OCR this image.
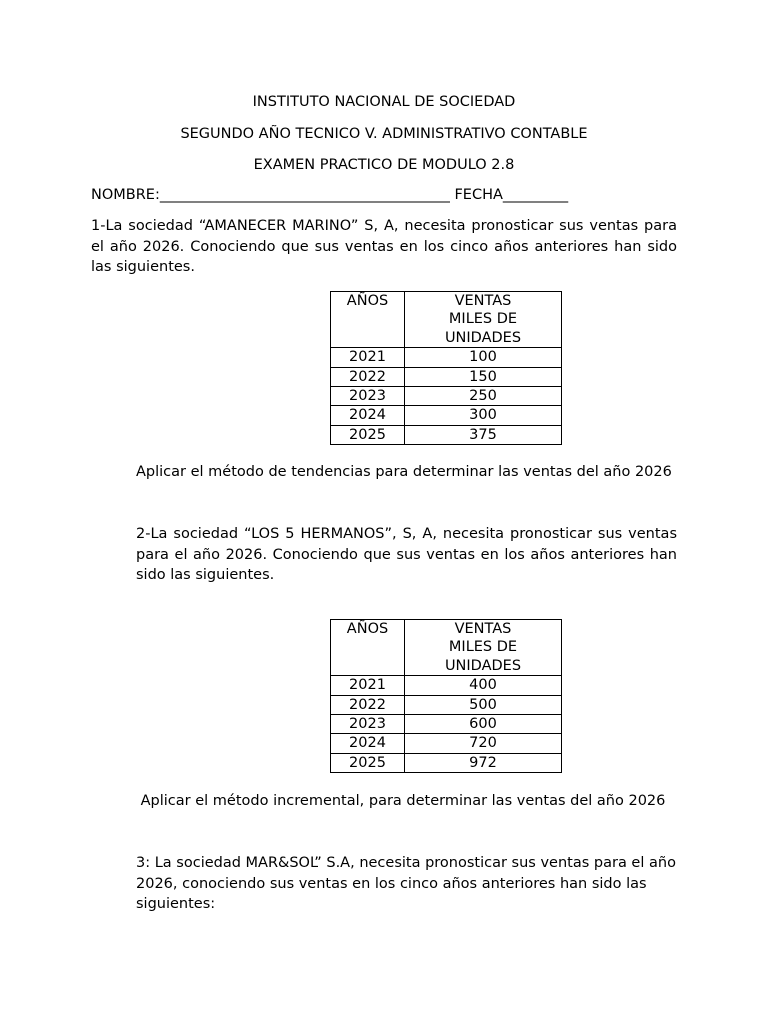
INSTITUTO NACIONAL DE SOCIEDAD
SEGUNDO AÑO TECNICO V. ADMINISTRATIVO CONTABLE
EXAMEN PRACTICO DE MODULO 2.8
NOMBRE:________________________________________ FECHA_________

1-La sociedad “AMANECER MARINO” S, A, necesita pronosticar sus ventas para el año 2026. Conociendo que sus ventas en los cinco años anteriores han sido las siguientes.

AÑOS	VENTAS MILES DE UNIDADES
2021	100
2022	150
2023	250
2024	300
2025	375

Aplicar el método de tendencias para determinar las ventas del año 2026

2-La sociedad “LOS 5 HERMANOS”, S, A, necesita pronosticar sus ventas para el año 2026. Conociendo que sus ventas en los años anteriores han sido las siguientes.

AÑOS	VENTAS MILES DE UNIDADES
2021	400
2022	500
2023	600
2024	720
2025	972

Aplicar el método incremental, para determinar las ventas del año 2026

3: La sociedad MAR&SOL” S.A, necesita pronosticar sus ventas para el año 2026, conociendo sus ventas en los cinco años anteriores han sido las siguientes:
